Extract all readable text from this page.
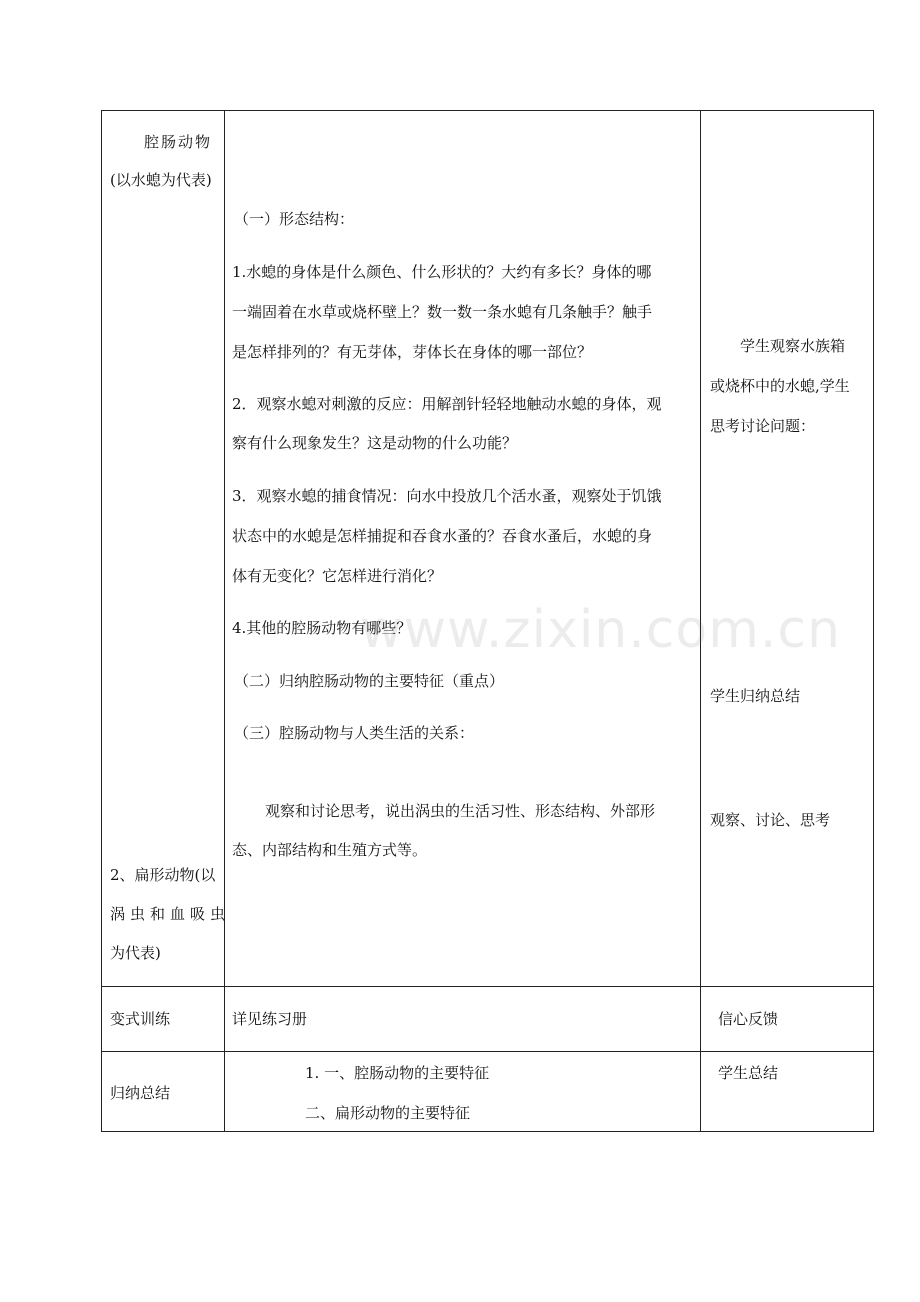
腔肠动物
(以水螅为代表)
2、扁形动物(以
涡虫和血吸虫
为代表)
（一）形态结构：
1.水螅的身体是什么颜色、什么形状的？大约有多长？身体的哪
一端固着在水草或烧杯壁上？数一数一条水螅有几条触手？触手
是怎样排列的？有无芽体，芽体长在身体的哪一部位？
2．观察水螅对刺激的反应：用解剖针轻轻地触动水螅的身体，观
察有什么现象发生？这是动物的什么功能？
3．观察水螅的捕食情况：向水中投放几个活水蚤，观察处于饥饿
状态中的水螅是怎样捕捉和吞食水蚤的？吞食水蚤后，水螅的身
体有无变化？它怎样进行消化？
4.其他的腔肠动物有哪些？
（二）归纳腔肠动物的主要特征（重点）
（三）腔肠动物与人类生活的关系：
观察和讨论思考，说出涡虫的生活习性、形态结构、外部形
态、内部结构和生殖方式等。
学生观察水族箱
或烧杯中的水螅,学生
思考讨论问题：
学生归纳总结
观察、讨论、思考
变式训练	详见练习册	信心反馈
归纳总结
1. 一、腔肠动物的主要特征
二、扁形动物的主要特征
学生总结
www.zixin.com.cn
